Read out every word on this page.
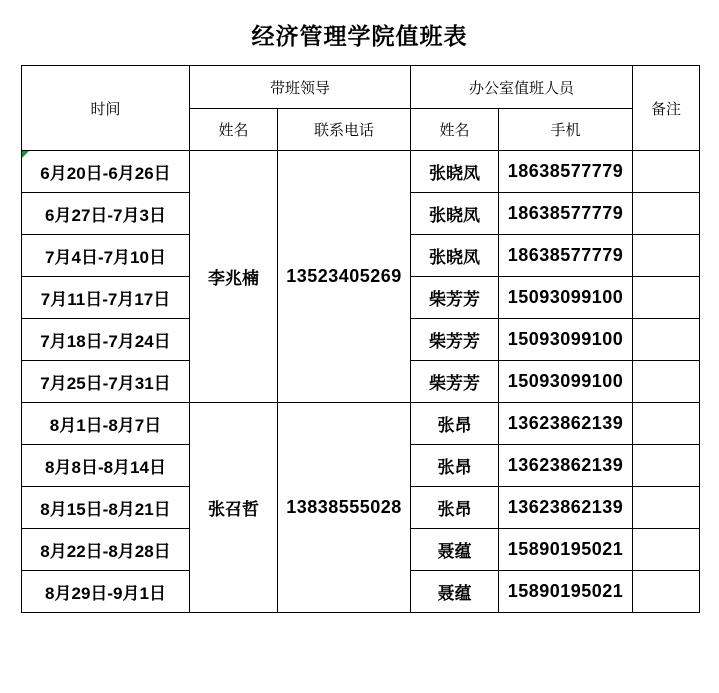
经济管理学院值班表
时间	带班领导		办公室值班人员		备注
	姓名	联系电话	姓名	手机	

6月20日-6月26日	李兆楠	13523405269	张晓凤	18638577779	
6月27日-7月3日			张晓凤	18638577779	
7月4日-7月10日			张晓凤	18638577779	
7月11日-7月17日			柴芳芳	15093099100	
7月18日-7月24日			柴芳芳	15093099100	
7月25日-7月31日			柴芳芳	15093099100	
8月1日-8月7日	张召哲	13838555028	张昂	13623862139	
8月8日-8月14日			张昂	13623862139	
8月15日-8月21日			张昂	13623862139	
8月22日-8月28日			聂蕴	15890195021	
8月29日-9月1日			聂蕴	15890195021	
